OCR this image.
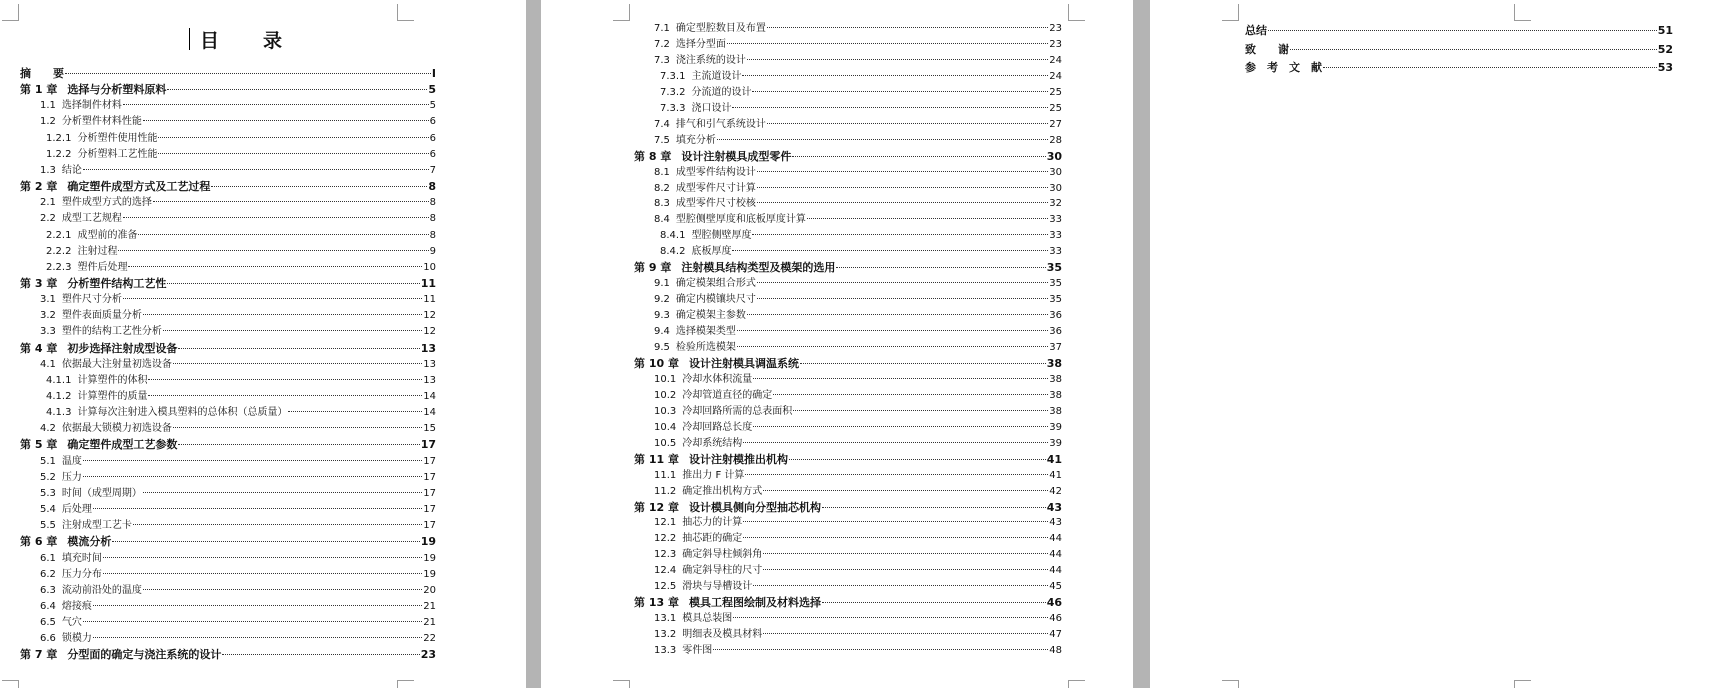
目　　录
摘　　要	I
第 1 章 选择与分析塑料原料	5
1.1 选择制件材料	5
1.2 分析塑件材料性能	6
1.2.1 分析塑件使用性能	6
1.2.2 分析塑料工艺性能	6
1.3 结论	7
第 2 章 确定塑件成型方式及工艺过程	8
2.1 塑件成型方式的选择	8
2.2 成型工艺规程	8
2.2.1 成型前的准备	8
2.2.2 注射过程	9
2.2.3 塑件后处理	10
第 3 章 分析塑件结构工艺性	11
3.1 塑件尺寸分析	11
3.2 塑件表面质量分析	12
3.3 塑件的结构工艺性分析	12
第 4 章 初步选择注射成型设备	13
4.1 依据最大注射量初选设备	13
4.1.1 计算塑件的体积	13
4.1.2 计算塑件的质量	14
4.1.3 计算每次注射进入模具塑料的总体积（总质量）	14
4.2 依据最大锁模力初选设备	15
第 5 章 确定塑件成型工艺参数	17
5.1 温度	17
5.2 压力	17
5.3 时间（成型周期）	17
5.4 后处理	17
5.5 注射成型工艺卡	17
第 6 章 模流分析	19
6.1 填充时间	19
6.2 压力分布	19
6.3 流动前沿处的温度	20
6.4 熔接痕	21
6.5 气穴	21
6.6 锁模力	22
第 7 章 分型面的确定与浇注系统的设计	23
7.1 确定型腔数目及布置	23
7.2 选择分型面	23
7.3 浇注系统的设计	24
7.3.1 主流道设计	24
7.3.2 分流道的设计	25
7.3.3 浇口设计	25
7.4 排气和引气系统设计	27
7.5 填充分析	28
第 8 章 设计注射模具成型零件	30
8.1 成型零件结构设计	30
8.2 成型零件尺寸计算	30
8.3 成型零件尺寸校核	32
8.4 型腔侧壁厚度和底板厚度计算	33
8.4.1 型腔侧壁厚度	33
8.4.2 底板厚度	33
第 9 章 注射模具结构类型及模架的选用	35
9.1 确定模架组合形式	35
9.2 确定内模镶块尺寸	35
9.3 确定模架主参数	36
9.4 选择模架类型	36
9.5 检验所选模架	37
第 10 章 设计注射模具调温系统	38
10.1 冷却水体积流量	38
10.2 冷却管道直径的确定	38
10.3 冷却回路所需的总表面积	38
10.4 冷却回路总长度	39
10.5 冷却系统结构	39
第 11 章 设计注射模推出机构	41
11.1 推出力 F 计算	41
11.2 确定推出机构方式	42
第 12 章 设计模具侧向分型抽芯机构	43
12.1 抽芯力的计算	43
12.2 抽芯距的确定	44
12.3 确定斜导柱倾斜角	44
12.4 确定斜导柱的尺寸	44
12.5 滑块与导槽设计	45
第 13 章 模具工程图绘制及材料选择	46
13.1 模具总装图	46
13.2 明细表及模具材料	47
13.3 零件图	48
总结	51
致　　谢	52
参　考　文　献	53
